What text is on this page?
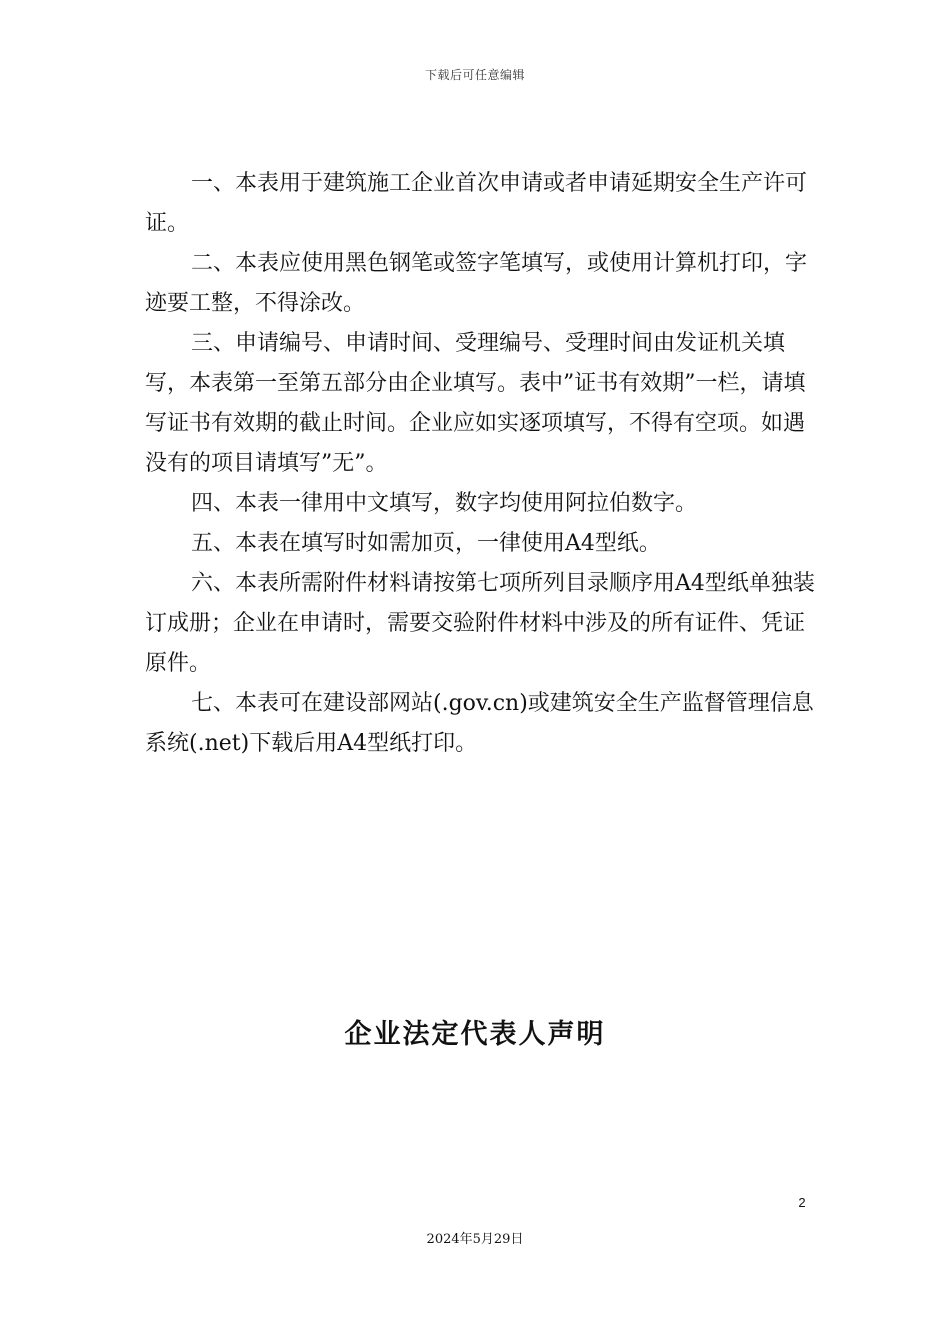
下载后可任意编辑

一、本表用于建筑施工企业首次申请或者申请延期安全生产许可证。

二、本表应使用黑色钢笔或签字笔填写，或使用计算机打印，字迹要工整，不得涂改。

三、申请编号、申请时间、受理编号、受理时间由发证机关填写，本表第一至第五部分由企业填写。表中”证书有效期”一栏，请填写证书有效期的截止时间。企业应如实逐项填写，不得有空项。如遇没有的项目请填写”无”。

四、本表一律用中文填写，数字均使用阿拉伯数字。

五、本表在填写时如需加页，一律使用A4型纸。

六、本表所需附件材料请按第七项所列目录顺序用A4型纸单独装订成册；企业在申请时，需要交验附件材料中涉及的所有证件、凭证原件。

七、本表可在建设部网站(.gov.cn)或建筑安全生产监督管理信息系统(.net)下载后用A4型纸打印。

企业法定代表人声明
2
2024年5月29日
